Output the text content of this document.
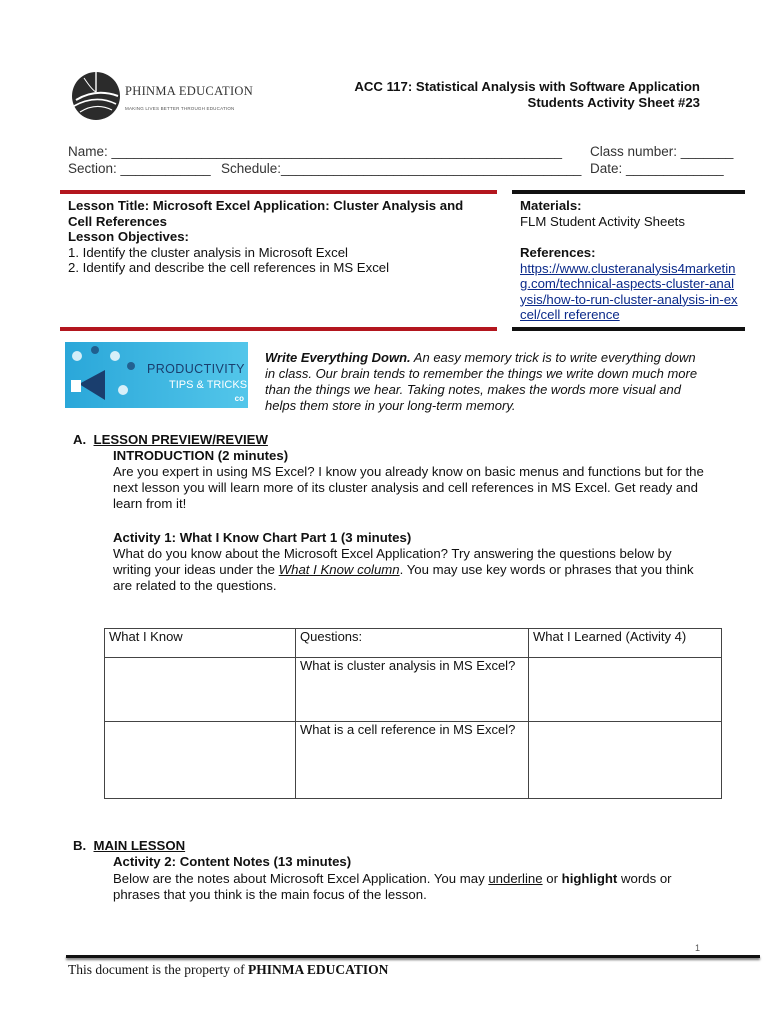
PHINMA EDUCATION
MAKING LIVES BETTER THROUGH EDUCATION
ACC 117: Statistical Analysis with Software Application
Students Activity Sheet #23
Name: ____________________________________________________________ Class number: _______
Section: ____________ Schedule:________________________________________ Date: _____________
Lesson Title: Microsoft Excel Application: Cluster Analysis and Cell References
Lesson Objectives:
1. Identify the cluster analysis in Microsoft Excel
2. Identify and describe the cell references in MS Excel
Materials:
FLM Student Activity Sheets
References:
https://www.clusteranalysis4marketing.com/technical-aspects-cluster-analysis/how-to-run-cluster-analysis-in-excel/cell reference
PRODUCTIVITY
TIPS & TRICKS
co
Write Everything Down. An easy memory trick is to write everything down in class. Our brain tends to remember the things we write down much more than the things we hear. Taking notes, makes the words more visual and helps them store in your long-term memory.
A. LESSON PREVIEW/REVIEW
INTRODUCTION (2 minutes)
Are you expert in using MS Excel? I know you already know on basic menus and functions but for the next lesson you will learn more of its cluster analysis and cell references in MS Excel. Get ready and learn from it!
Activity 1: What I Know Chart Part 1 (3 minutes)
What do you know about the Microsoft Excel Application? Try answering the questions below by writing your ideas under the What I Know column. You may use key words or phrases that you think are related to the questions.
What I Know	Questions:	What I Learned (Activity 4)
	What is cluster analysis in MS Excel?	
	What is a cell reference in MS Excel?	
B. MAIN LESSON
Activity 2: Content Notes (13 minutes)
Below are the notes about Microsoft Excel Application. You may underline or highlight words or phrases that you think is the main focus of the lesson.
1
This document is the property of PHINMA EDUCATION
